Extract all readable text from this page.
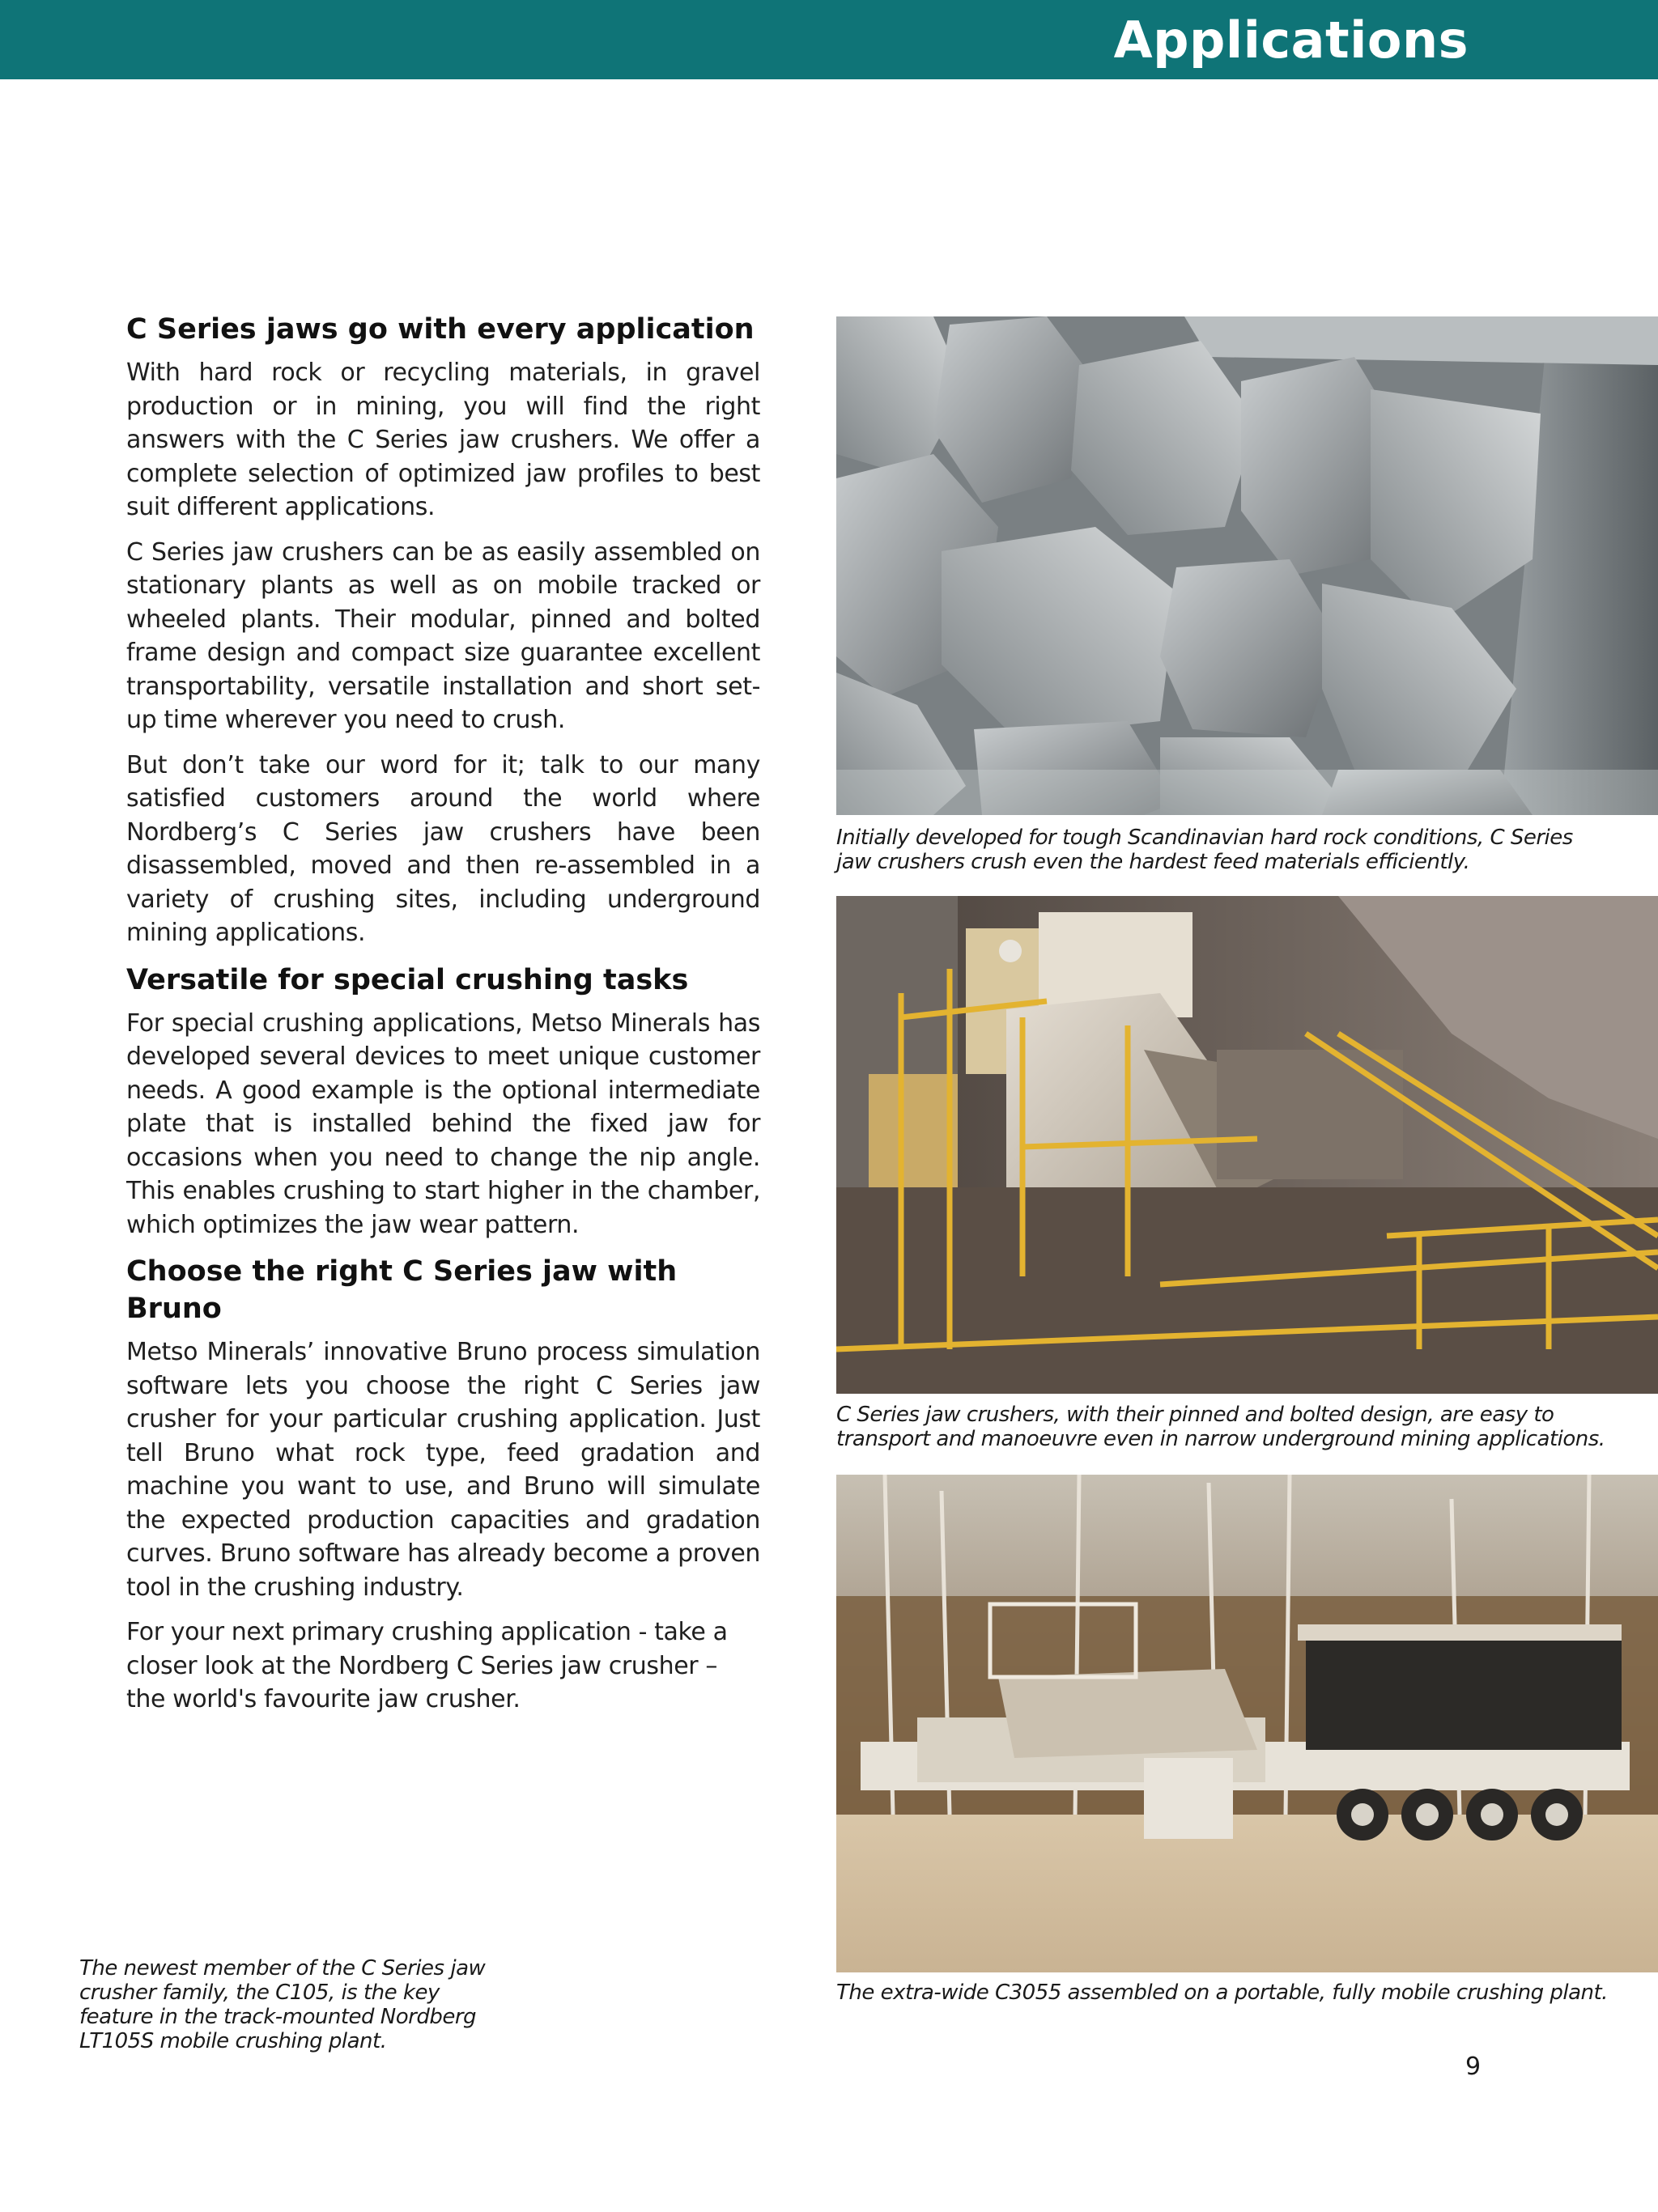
Applications
C Series jaws go with every application

With hard rock or recycling materials, in gravel production or in mining, you will find the right answers with the C Series jaw crushers. We offer a complete selection of optimized jaw profiles to best suit different applications.

C Series jaw crushers can be as easily assembled on stationary plants as well as on mobile tracked or wheeled plants. Their modular, pinned and bolted frame design and compact size guarantee excellent transportability, versatile installation and short set-up time wherever you need to crush.

But don’t take our word for it; talk to our many satisfied customers around the world where Nordberg’s C Series jaw crushers have been disassembled, moved and then re-assembled in a variety of crushing sites, including underground mining applications.

Versatile for special crushing tasks

For special crushing applications, Metso Minerals has developed several devices to meet unique customer needs. A good example is the optional intermediate plate that is installed behind the fixed jaw for occasions when you need to change the nip angle. This enables crushing to start higher in the chamber, which optimizes the jaw wear pattern.

Choose the right C Series jaw with Bruno

Metso Minerals’ innovative Bruno process simulation software lets you choose the right C Series jaw crusher for your particular crushing application. Just tell Bruno what rock type, feed gradation and machine you want to use, and Bruno will simulate the expected production capacities and gradation curves. Bruno software has already become a proven tool in the crushing industry.

For your next primary crushing application - take a closer look at the Nordberg C Series jaw crusher – the world's favourite jaw crusher.

Initially developed for tough Scandinavian hard rock conditions, C Series jaw crushers crush even the hardest feed materials efficiently.
C Series jaw crushers, with their pinned and bolted design, are easy to transport and manoeuvre even in narrow underground mining applications.
The extra-wide C3055 assembled on a portable, fully mobile crushing plant.
The newest member of the C Series jaw crusher family, the C105, is the key feature in the track-mounted Nordberg LT105S mobile crushing plant.
9
